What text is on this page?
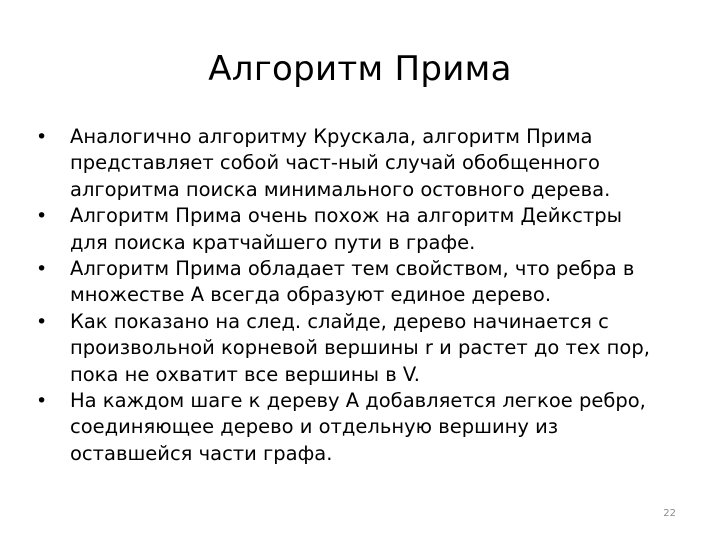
Алгоритм Прима
•	Аналогично алгоритму Крускала, алгоритм Прима
представляет собой част-ный случай обобщенного
алгоритма поиска минимального остовного дерева.
•	Алгоритм Прима очень похож на алгоритм Дейкстры
для поиска кратчайшего пути в графе.
•	Алгоритм Прима обладает тем свойством, что ребра в
множестве A всегда образуют единое дерево.
•	Как показано на след. слайде, дерево начинается с
произвольной корневой вершины r и растет до тех пор,
пока не охватит все вершины в V.
•	На каждом шаге к дереву A добавляется легкое ребро,
соединяющее дерево и отдельную вершину из
оставшейся части графа.
22
